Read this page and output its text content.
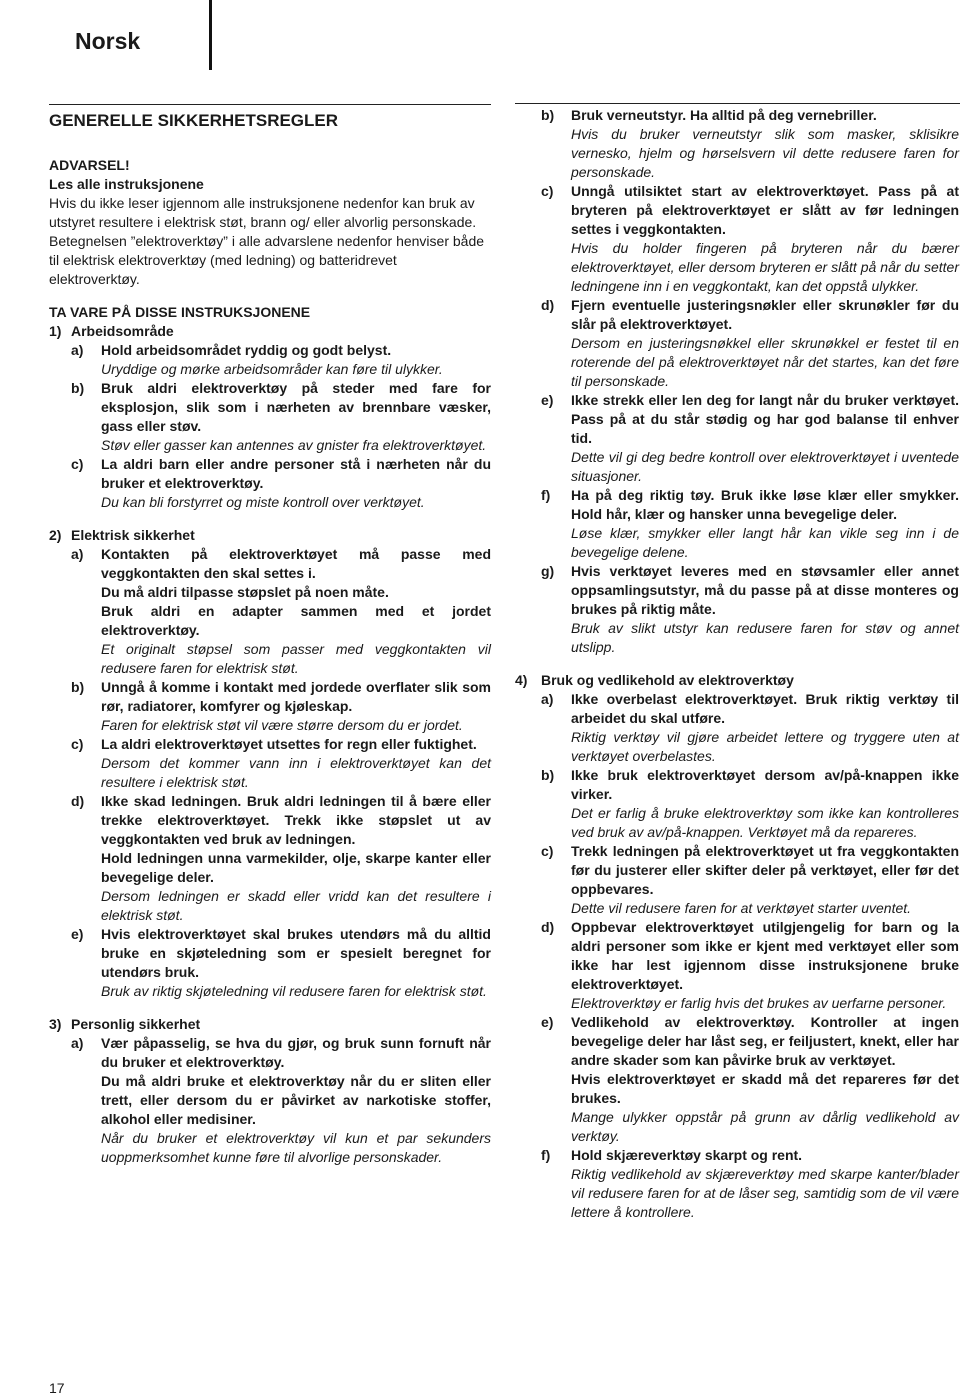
Norsk

GENERELLE SIKKERHETSREGLER

ADVARSEL!

Les alle instruksjonene

Hvis du ikke leser igjennom alle instruksjonene nedenfor kan bruk av utstyret resultere i elektrisk støt, brann og/ eller alvorlig personskade.

Betegnelsen ”elektroverktøy” i alle advarslene nedenfor henviser både til elektrisk elektroverktøy (med ledning) og batteridrevet elektroverktøy.

TA VARE PÅ DISSE INSTRUKSJONENE

1) Arbeidsområde
a)	Hold arbeidsområdet ryddig og godt belyst.

Uryddige og mørke arbeidsområder kan føre til ulykker.

b)	Bruk aldri elektroverktøy på steder med fare for eksplosjon, slik som i nærheten av brennbare væsker, gass eller støv.

Støv eller gasser kan antennes av gnister fra elektroverktøyet.

c)	La aldri barn eller andre personer stå i nærheten når du bruker et elektroverktøy.

Du kan bli forstyrret og miste kontroll over verktøyet.

2) Elektrisk sikkerhet
a)	Kontakten på elektroverktøyet må passe med veggkontakten den skal settes i.

Du må aldri tilpasse støpslet på noen måte.

Bruk aldri en adapter sammen med et jordet elektroverktøy.

Et originalt støpsel som passer med veggkontakten vil redusere faren for elektrisk støt.

b)	Unngå å komme i kontakt med jordede overflater slik som rør, radiatorer, komfyrer og kjøleskap.

Faren for elektrisk støt vil være større dersom du er jordet.

c)	La aldri elektroverktøyet utsettes for regn eller fuktighet.

Dersom det kommer vann inn i elektroverktøyet kan det resultere i elektrisk støt.

d)	Ikke skad ledningen. Bruk aldri ledningen til å bære eller trekke elektroverktøyet. Trekk ikke støpslet ut av veggkontakten ved bruk av ledningen.

Hold ledningen unna varmekilder, olje, skarpe kanter eller bevegelige deler.

Dersom ledningen er skadd eller vridd kan det resultere i elektrisk støt.

e)	Hvis elektroverktøyet skal brukes utendørs må du alltid bruke en skjøteledning som er spesielt beregnet for utendørs bruk.

Bruk av riktig skjøteledning vil redusere faren for elektrisk støt.

3) Personlig sikkerhet
a)	Vær påpasselig, se hva du gjør, og bruk sunn fornuft når du bruker et elektroverktøy.

Du må aldri bruke et elektroverktøy når du er sliten eller trett, eller dersom du er påvirket av narkotiske stoffer, alkohol eller medisiner.

Når du bruker et elektroverktøy vil kun et par sekunders uoppmerksomhet kunne føre til alvorlige personskader.

b)	Bruk verneutstyr. Ha alltid på deg vernebriller.

Hvis du bruker verneutstyr slik som masker, sklisikre vernesko, hjelm og hørselsvern vil dette redusere faren for personskade.

c)	Unngå utilsiktet start av elektroverktøyet. Pass på at bryteren på elektroverktøyet er slått av før ledningen settes i veggkontakten.

Hvis du holder fingeren på bryteren når du bærer elektroverktøyet, eller dersom bryteren er slått på når du setter ledningene inn i en veggkontakt, kan det oppstå ulykker.

d)	Fjern eventuelle justeringsnøkler eller skrunøkler før du slår på elektroverktøyet.

Dersom en justeringsnøkkel eller skrunøkkel er festet til en roterende del på elektroverktøyet når det startes, kan det føre til personskade.

e)	Ikke strekk eller len deg for langt når du bruker verktøyet. Pass på at du står stødig og har god balanse til enhver tid.

Dette vil gi deg bedre kontroll over elektroverktøyet i uventede situasjoner.

f)	Ha på deg riktig tøy. Bruk ikke løse klær eller smykker. Hold hår, klær og hansker unna bevegelige deler.

Løse klær, smykker eller langt hår kan vikle seg inn i de bevegelige delene.

g)	Hvis verktøyet leveres med en støvsamler eller annet oppsamlingsutstyr, må du passe på at disse monteres og brukes på riktig måte.

Bruk av slikt utstyr kan redusere faren for støv og annet utslipp.

4) Bruk og vedlikehold av elektroverktøy
a)	Ikke overbelast elektroverktøyet. Bruk riktig verktøy til arbeidet du skal utføre.

Riktig verktøy vil gjøre arbeidet lettere og tryggere uten at verktøyet overbelastes.

b)	Ikke bruk elektroverktøyet dersom av/på-knappen ikke virker.

Det er farlig å bruke elektroverktøy som ikke kan kontrolleres ved bruk av av/på-knappen. Verktøyet må da repareres.

c)	Trekk ledningen på elektroverktøyet ut fra veggkontakten før du justerer eller skifter deler på verktøyet, eller før det oppbevares.

Dette vil redusere faren for at verktøyet starter uventet.

d)	Oppbevar elektroverktøyet utilgjengelig for barn og la aldri personer som ikke er kjent med verktøyet eller som ikke har lest igjennom disse instruksjonene bruke elektroverktøyet.

Elektroverktøy er farlig hvis det brukes av uerfarne personer.

e)	Vedlikehold av elektroverktøy. Kontroller at ingen bevegelige deler har låst seg, er feiljustert, knekt, eller har andre skader som kan påvirke bruk av verktøyet.

Hvis elektroverktøyet er skadd må det repareres før det brukes.

Mange ulykker oppstår på grunn av dårlig vedlikehold av verktøy.

f)	Hold skjæreverktøy skarpt og rent.

Riktig vedlikehold av skjæreverktøy med skarpe kanter/blader vil redusere faren for at de låser seg, samtidig som de vil være lettere å kontrollere.

17
